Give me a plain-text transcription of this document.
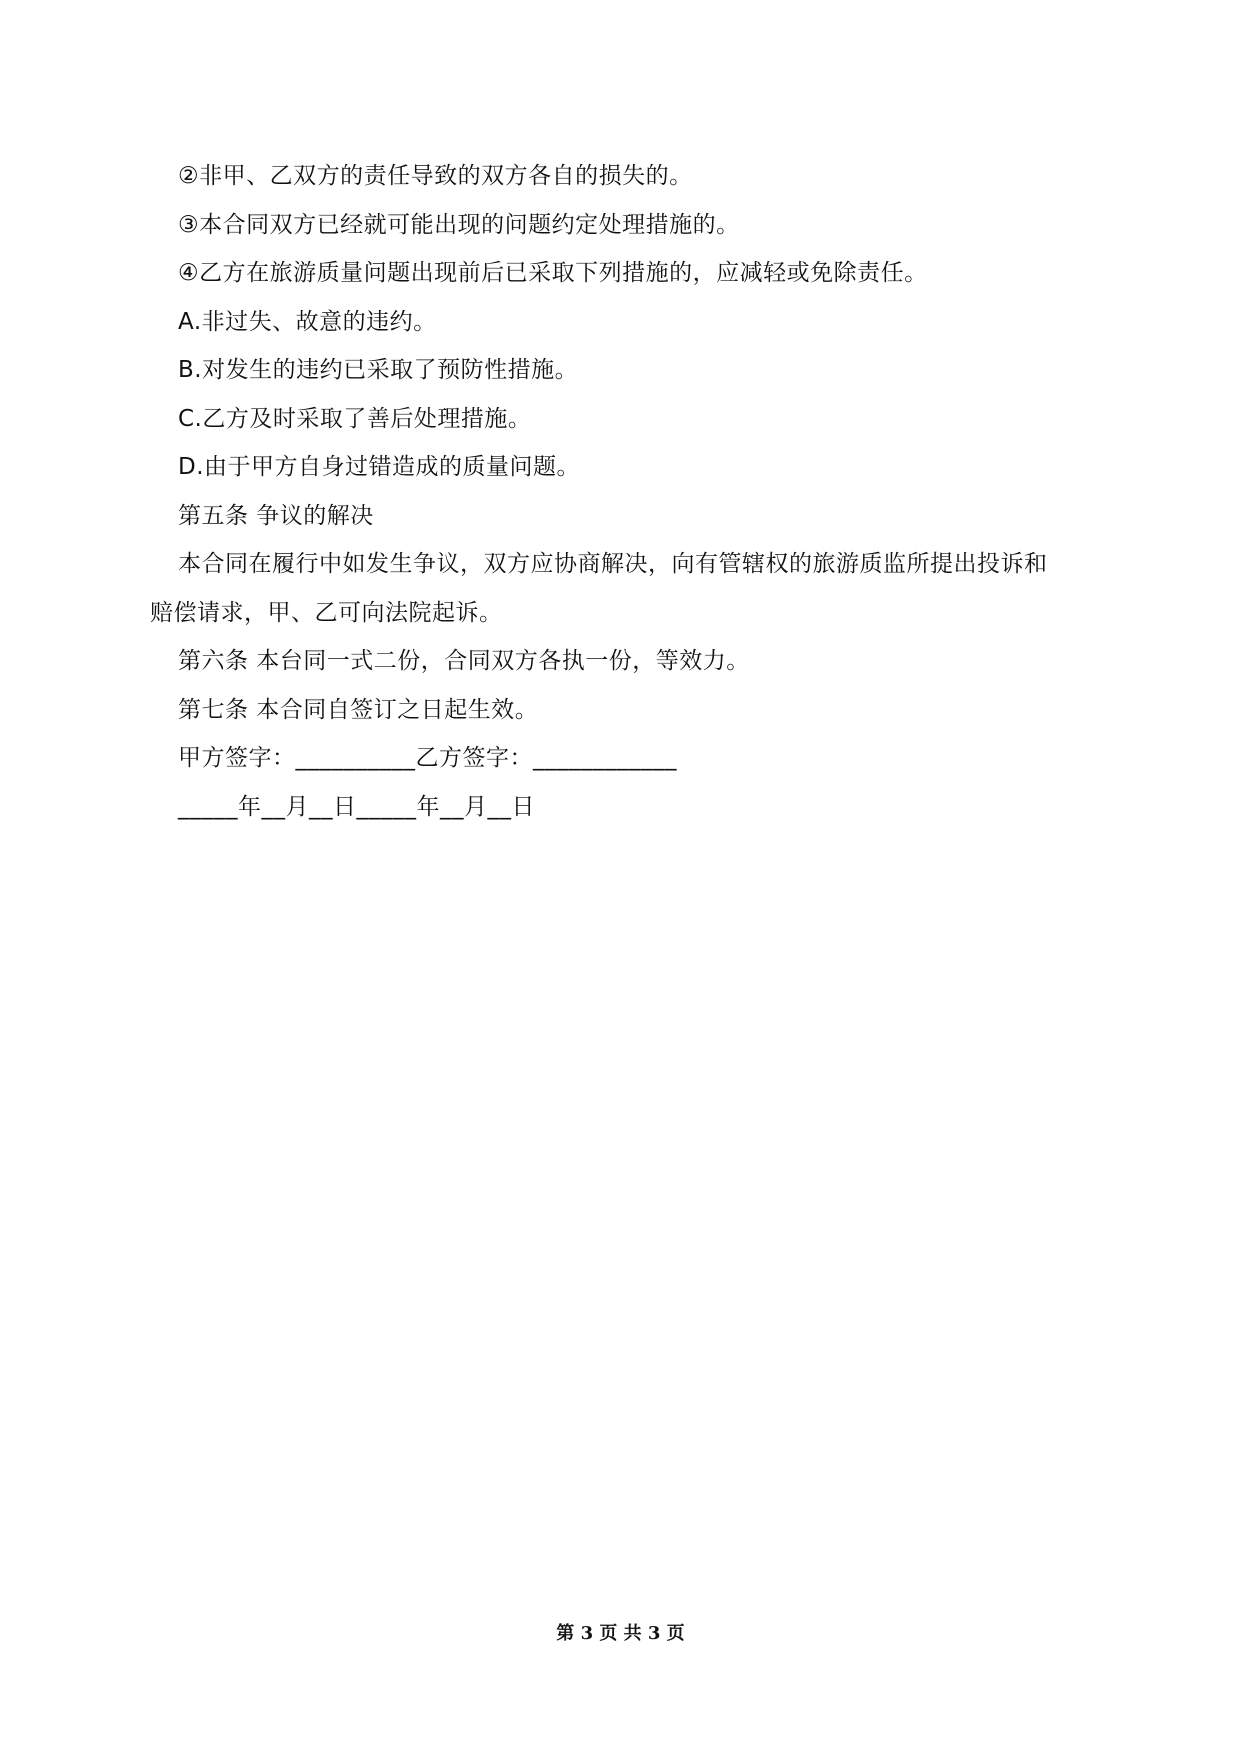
②非甲、乙双方的责任导致的双方各自的损失的。
③本合同双方已经就可能出现的问题约定处理措施的。
④乙方在旅游质量问题出现前后已采取下列措施的，应减轻或免除责任。
A.非过失、故意的违约。
B.对发生的违约已采取了预防性措施。
C.乙方及时采取了善后处理措施。
D.由于甲方自身过错造成的质量问题。
第五条 争议的解决
本合同在履行中如发生争议，双方应协商解决，向有管辖权的旅游质监所提出投诉和
赔偿请求，甲、乙可向法院起诉。
第六条 本台同一式二份，合同双方各执一份，等效力。
第七条 本合同自签订之日起生效。
甲方签字：__________乙方签字：____________
_____年__月__日_____年__月__日
第 3 页 共 3 页
